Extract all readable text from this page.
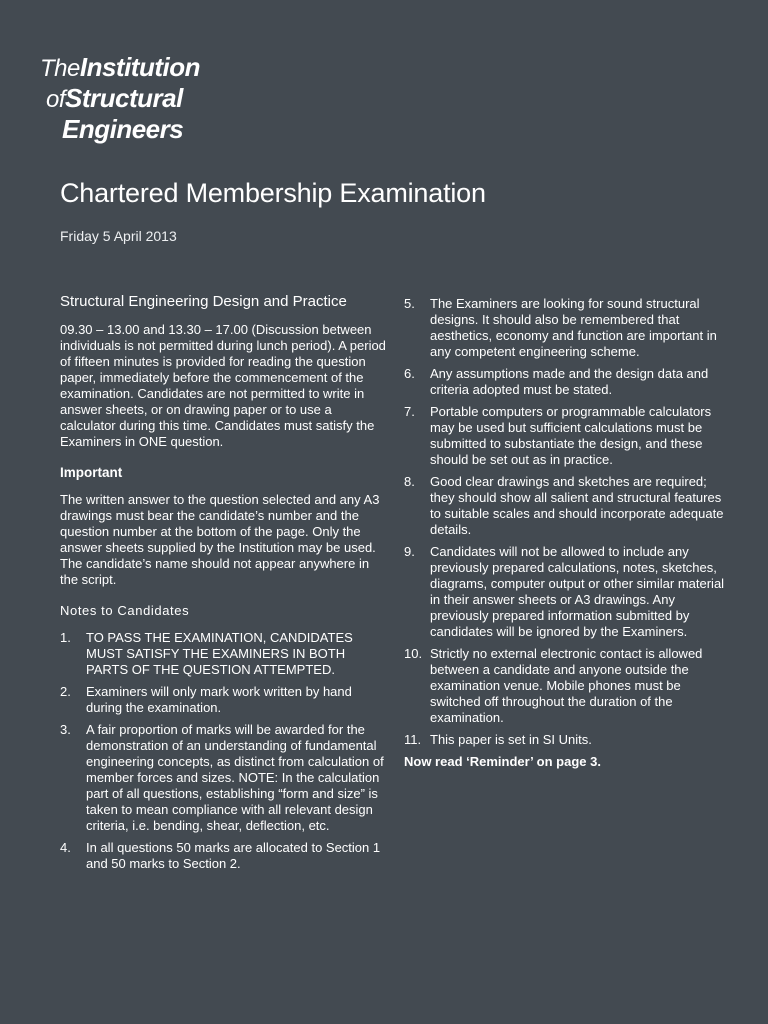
TheInstitution
ofStructural
Engineers
Chartered Membership Examination
Friday 5 April 2013
Structural Engineering Design and Practice

09.30 – 13.00 and 13.30 – 17.00 (Discussion between individuals is not permitted during lunch period). A period of fifteen minutes is provided for reading the question paper, immediately before the commencement of the examination. Candidates are not permitted to write in answer sheets, or on drawing paper or to use a calculator during this time. Candidates must satisfy the Examiners in ONE question.

Important

The written answer to the question selected and any A3 drawings must bear the candidate’s number and the question number at the bottom of the page. Only the answer sheets supplied by the Institution may be used. The candidate’s name should not appear anywhere in the script.

Notes to Candidates
1. TO PASS THE EXAMINATION, CANDIDATES MUST SATISFY THE EXAMINERS IN BOTH PARTS OF THE QUESTION ATTEMPTED.
2. Examiners will only mark work written by hand during the examination.
3. A fair proportion of marks will be awarded for the demonstration of an understanding of fundamental engineering concepts, as distinct from calculation of member forces and sizes. NOTE: In the calculation part of all questions, establishing “form and size” is taken to mean compliance with all relevant design criteria, i.e. bending, shear, deflection, etc.
4. In all questions 50 marks are allocated to Section 1 and 50 marks to Section 2.
5. The Examiners are looking for sound structural designs. It should also be remembered that aesthetics, economy and function are important in any competent engineering scheme.
6. Any assumptions made and the design data and criteria adopted must be stated.
7. Portable computers or programmable calculators may be used but sufficient calculations must be submitted to substantiate the design, and these should be set out as in practice.
8. Good clear drawings and sketches are required; they should show all salient and structural features to suitable scales and should incorporate adequate details.
9. Candidates will not be allowed to include any previously prepared calculations, notes, sketches, diagrams, computer output or other similar material in their answer sheets or A3 drawings. Any previously prepared information submitted by candidates will be ignored by the Examiners.
10. Strictly no external electronic contact is allowed between a candidate and anyone outside the examination venue. Mobile phones must be switched off throughout the duration of the examination.
11. This paper is set in SI Units.
Now read ‘Reminder’ on page 3.
